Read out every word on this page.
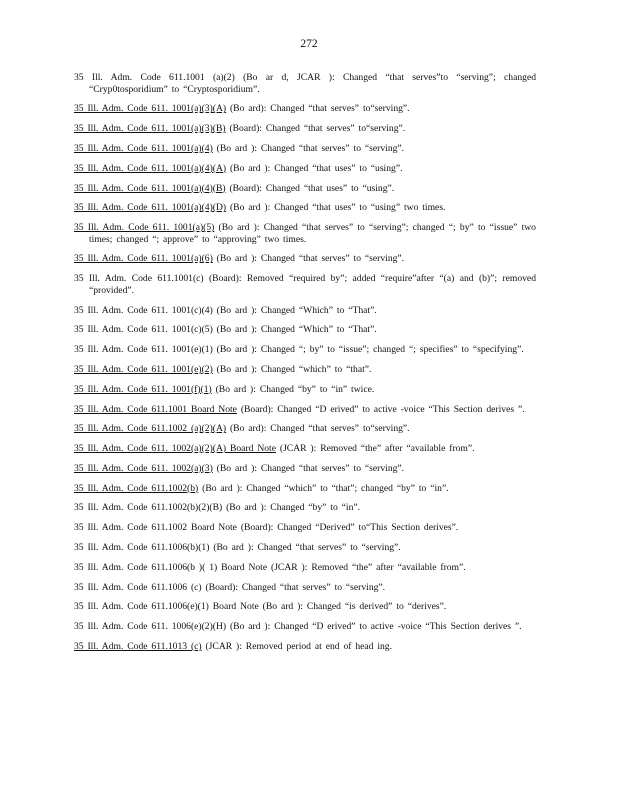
272
35 Ill. Adm. Code 611.1001 (a)(2) (Bo ar d, JCAR ): Changed “that serves”to “serving”; changed “Cryp0tosporidium” to “Cryptosporidium”.
35 Ill. Adm. Code 611. 1001(a)(3)(A) (Bo ard): Changed “that serves” to“serving”.
35 Ill. Adm. Code 611. 1001(a)(3)(B) (Board): Changed “that serves” to“serving”.
35 Ill. Adm. Code 611. 1001(a)(4) (Bo ard ): Changed “that serves” to “serving”.
35 Ill. Adm. Code 611. 1001(a)(4)(A) (Bo ard ): Changed “that uses” to “using”.
35 Ill. Adm. Code 611. 1001(a)(4)(B) (Board): Changed “that uses” to “using”.
35 Ill. Adm. Code 611. 1001(a)(4)(D) (Bo ard ): Changed “that uses” to “using” two times.
35 Ill. Adm. Code 611. 1001(a)(5) (Bo ard ): Changed “that serves” to “serving”; changed “; by” to “issue” two times; changed “; approve” to “approving” two times.
35 Ill. Adm. Code 611. 1001(a)(6) (Bo ard ): Changed “that serves” to “serving”.
35 Ill. Adm. Code 611.1001(c) (Board): Removed “required by”; added “require”after “(a) and (b)”; removed “provided”.
35 Ill. Adm. Code 611. 1001(c)(4) (Bo ard ): Changed “Which” to “That”.
35 Ill. Adm. Code 611. 1001(c)(5) (Bo ard ): Changed “Which” to “That”.
35 Ill. Adm. Code 611. 1001(e)(1) (Bo ard ): Changed “; by” to “issue”; changed “; specifies” to “specifying”.
35 Ill. Adm. Code 611. 1001(e)(2) (Bo ard ): Changed “which” to “that”.
35 Ill. Adm. Code 611. 1001(f)(1) (Bo ard ): Changed “by” to “in” twice.
35 Ill. Adm. Code 611.1001 Board Note (Board): Changed “D erived” to active -voice “This Section derives ”.
35 Ill. Adm. Code 611.1002 (a)(2)(A) (Bo ard): Changed “that serves” to“serving”.
35 Ill. Adm. Code 611. 1002(a)(2)(A) Board Note (JCAR ): Removed “the” after “available from”.
35 Ill. Adm. Code 611. 1002(a)(3) (Bo ard ): Changed “that serves” to “serving”.
35 Ill. Adm. Code 611.1002(b) (Bo ard ): Changed “which” to “that”; changed “by” to “in”.
35 Ill. Adm. Code 611.1002(b)(2)(B) (Bo ard ): Changed “by” to “in”.
35 Ill. Adm. Code 611.1002 Board Note (Board): Changed “Derived” to“This Section derives”.
35 Ill. Adm. Code 611.1006(b)(1) (Bo ard ): Changed “that serves” to “serving”.
35 Ill. Adm. Code 611.1006(b )( 1) Board Note (JCAR ): Removed “the” after “available from”.
35 Ill. Adm. Code 611.1006 (c) (Board): Changed “that serves” to “serving”.
35 Ill. Adm. Code 611.1006(e)(1) Board Note (Bo ard ): Changed “is derived” to “derives”.
35 Ill. Adm. Code 611. 1006(e)(2)(H) (Bo ard ): Changed “D erived” to active -voice “This Section derives ”.
35 Ill. Adm. Code 611.1013 (c) (JCAR ): Removed period at end of head ing.
